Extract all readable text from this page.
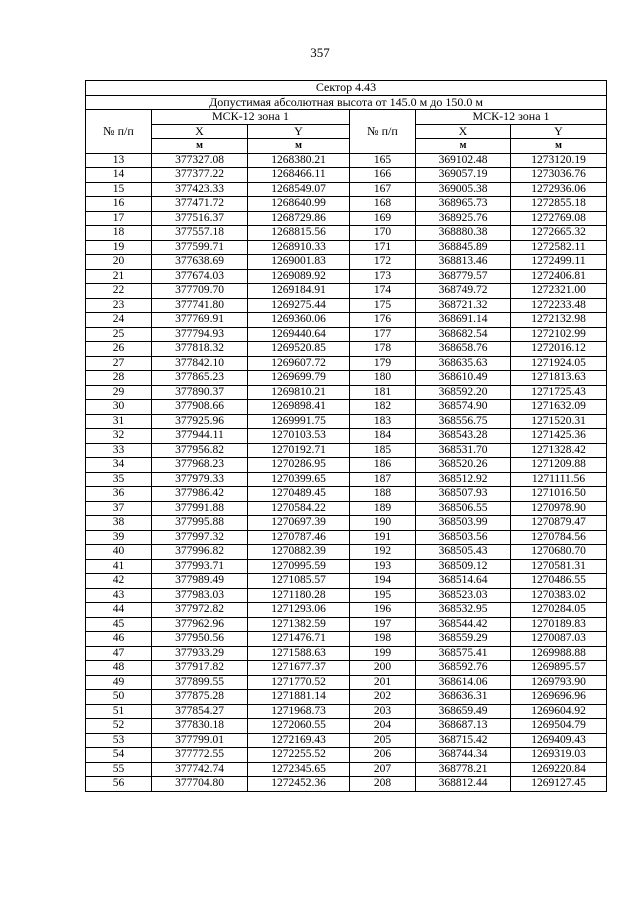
357
Сектор 4.43					
Допустимая абсолютная высота от 145.0 м до 150.0 м					
№ п/п	МСК-12 зона 1		№ п/п	МСК-12 зона 1	
	X	Y		X	Y
	м	м		м	м
13	377327.08	1268380.21	165	369102.48	1273120.19
14	377377.22	1268466.11	166	369057.19	1273036.76
15	377423.33	1268549.07	167	369005.38	1272936.06
16	377471.72	1268640.99	168	368965.73	1272855.18
17	377516.37	1268729.86	169	368925.76	1272769.08
18	377557.18	1268815.56	170	368880.38	1272665.32
19	377599.71	1268910.33	171	368845.89	1272582.11
20	377638.69	1269001.83	172	368813.46	1272499.11
21	377674.03	1269089.92	173	368779.57	1272406.81
22	377709.70	1269184.91	174	368749.72	1272321.00
23	377741.80	1269275.44	175	368721.32	1272233.48
24	377769.91	1269360.06	176	368691.14	1272132.98
25	377794.93	1269440.64	177	368682.54	1272102.99
26	377818.32	1269520.85	178	368658.76	1272016.12
27	377842.10	1269607.72	179	368635.63	1271924.05
28	377865.23	1269699.79	180	368610.49	1271813.63
29	377890.37	1269810.21	181	368592.20	1271725.43
30	377908.66	1269898.41	182	368574.90	1271632.09
31	377925.96	1269991.75	183	368556.75	1271520.31
32	377944.11	1270103.53	184	368543.28	1271425.36
33	377956.82	1270192.71	185	368531.70	1271328.42
34	377968.23	1270286.95	186	368520.26	1271209.88
35	377979.33	1270399.65	187	368512.92	1271111.56
36	377986.42	1270489.45	188	368507.93	1271016.50
37	377991.88	1270584.22	189	368506.55	1270978.90
38	377995.88	1270697.39	190	368503.99	1270879.47
39	377997.32	1270787.46	191	368503.56	1270784.56
40	377996.82	1270882.39	192	368505.43	1270680.70
41	377993.71	1270995.59	193	368509.12	1270581.31
42	377989.49	1271085.57	194	368514.64	1270486.55
43	377983.03	1271180.28	195	368523.03	1270383.02
44	377972.82	1271293.06	196	368532.95	1270284.05
45	377962.96	1271382.59	197	368544.42	1270189.83
46	377950.56	1271476.71	198	368559.29	1270087.03
47	377933.29	1271588.63	199	368575.41	1269988.88
48	377917.82	1271677.37	200	368592.76	1269895.57
49	377899.55	1271770.52	201	368614.06	1269793.90
50	377875.28	1271881.14	202	368636.31	1269696.96
51	377854.27	1271968.73	203	368659.49	1269604.92
52	377830.18	1272060.55	204	368687.13	1269504.79
53	377799.01	1272169.43	205	368715.42	1269409.43
54	377772.55	1272255.52	206	368744.34	1269319.03
55	377742.74	1272345.65	207	368778.21	1269220.84
56	377704.80	1272452.36	208	368812.44	1269127.45
